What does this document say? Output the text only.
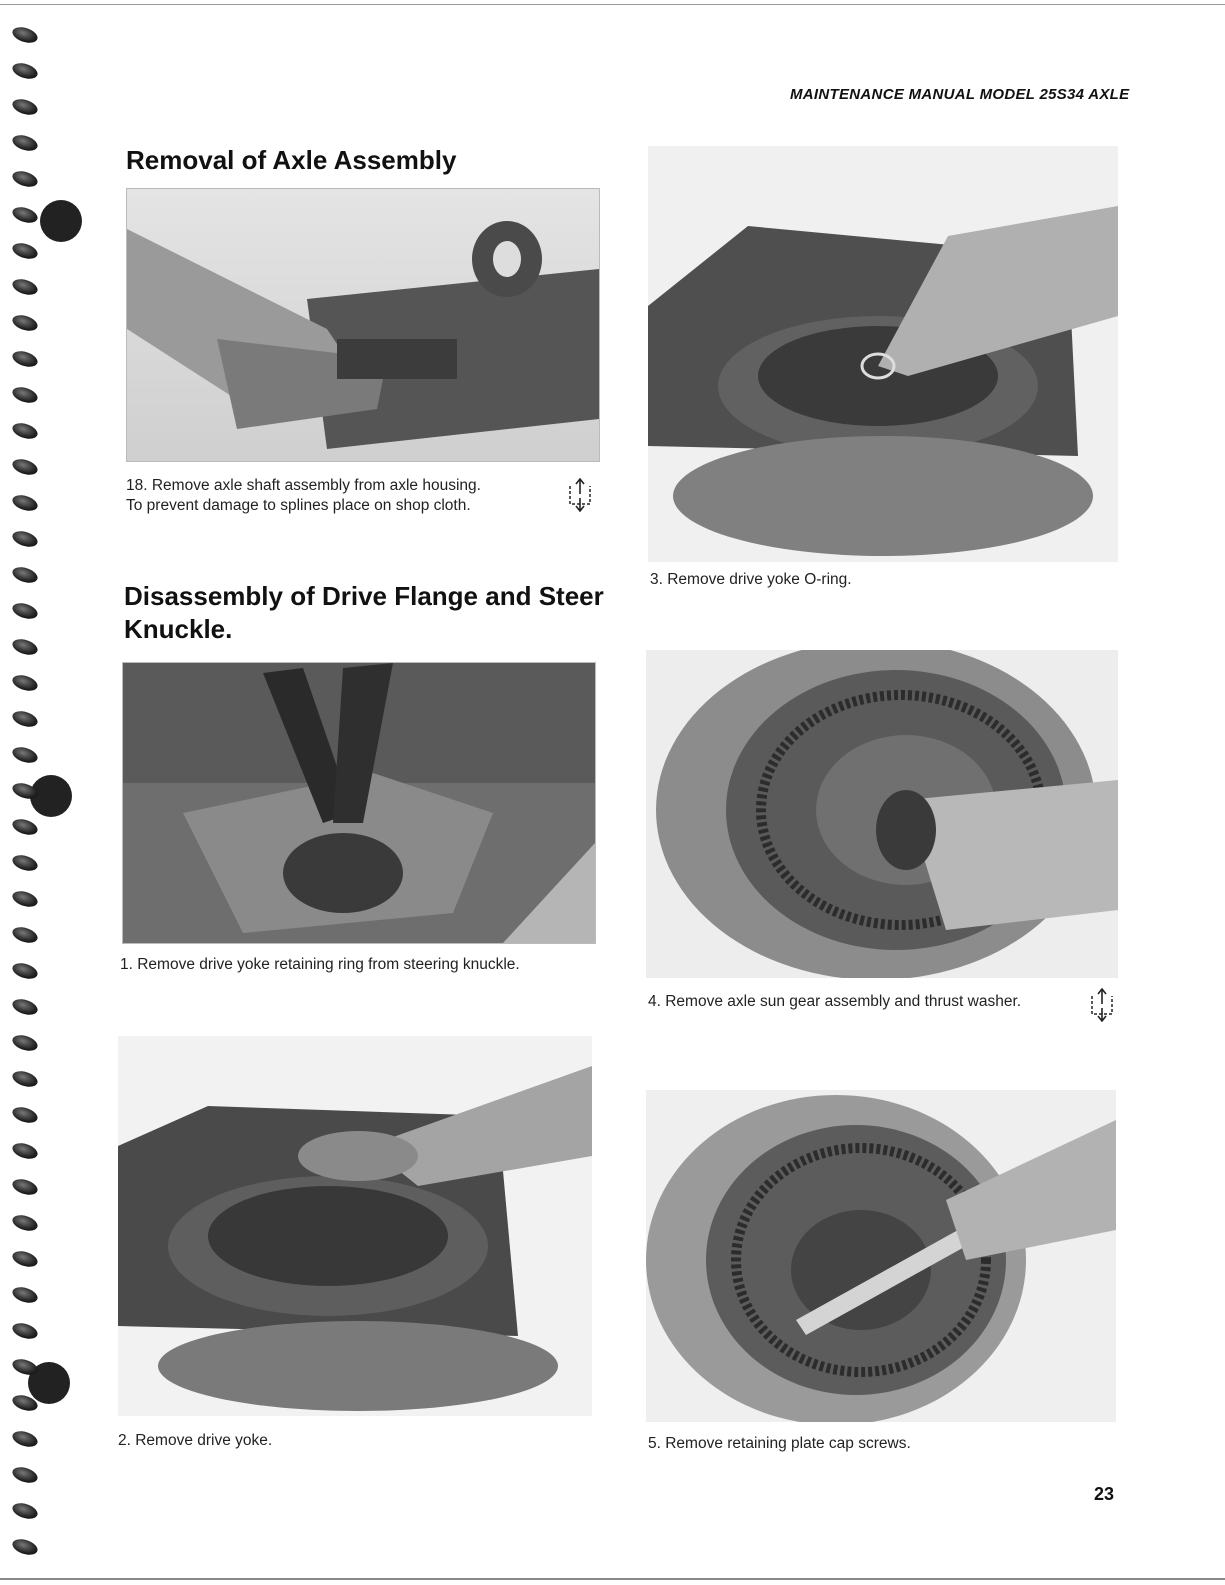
MAINTENANCE MANUAL MODEL 25S34 AXLE
Removal of Axle Assembly
18. Remove axle shaft assembly from axle housing.
To prevent damage to splines place on shop cloth.
Disassembly of Drive Flange and Steer
Knuckle.
1. Remove drive yoke retaining ring from steering knuckle.
2. Remove drive yoke.
3. Remove drive yoke O-ring.
4. Remove axle sun gear assembly and thrust washer.
5. Remove retaining plate cap screws.
23
